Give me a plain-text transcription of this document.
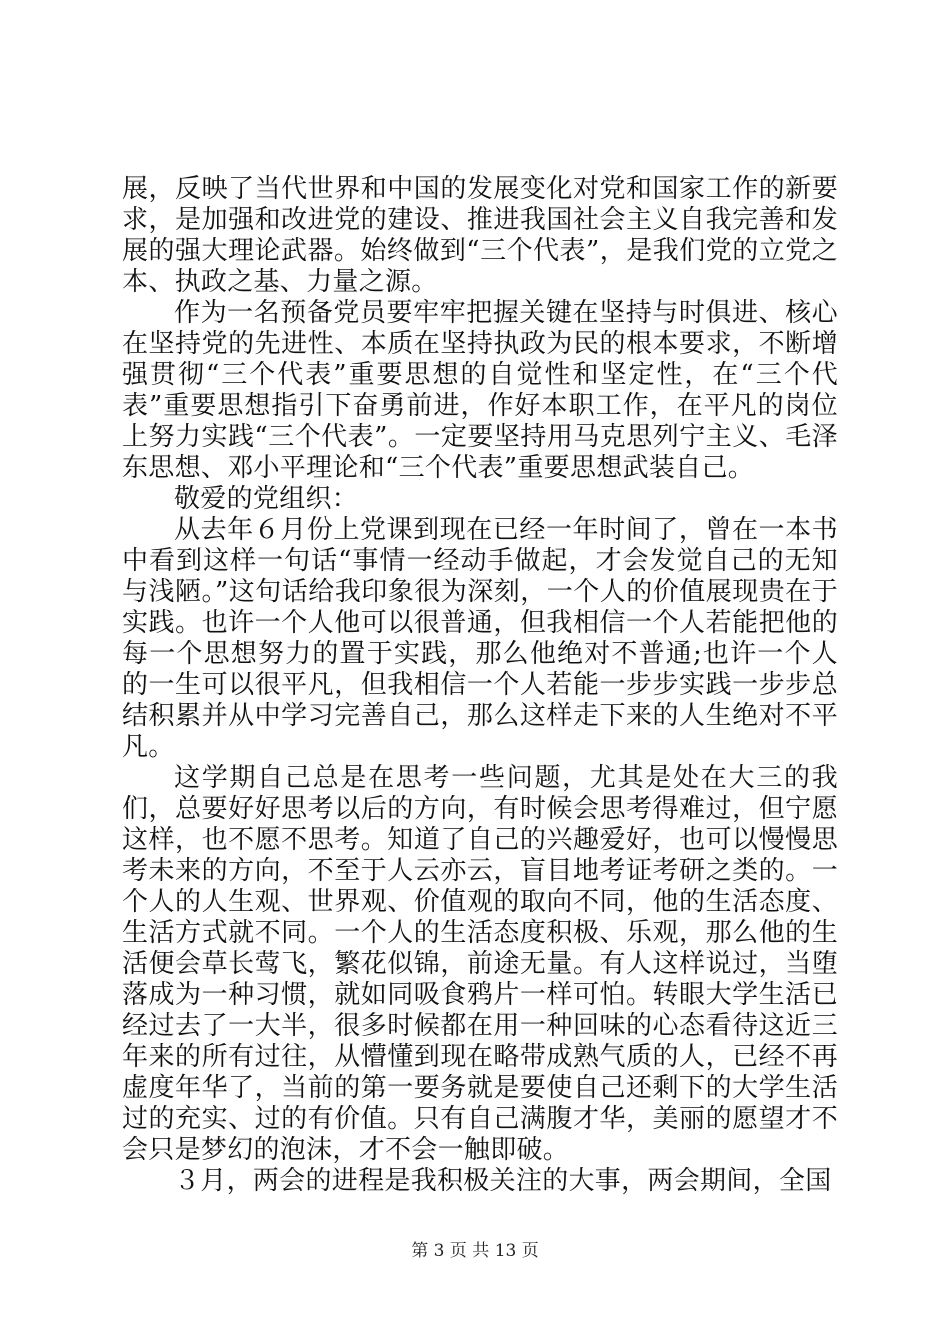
展，反映了当代世界和中国的发展变化对党和国家工作的新要求，是加强和改进党的建设、推进我国社会主义自我完善和发展的强大理论武器。始终做到“三个代表”，是我们党的立党之本、执政之基、力量之源。

作为一名预备党员要牢牢把握关键在坚持与时俱进、核心在坚持党的先进性、本质在坚持执政为民的根本要求，不断增强贯彻“三个代表”重要思想的自觉性和坚定性，在“三个代表”重要思想指引下奋勇前进，作好本职工作，在平凡的岗位上努力实践“三个代表”。一定要坚持用马克思列宁主义、毛泽东思想、邓小平理论和“三个代表”重要思想武装自己。

敬爱的党组织：

从去年６月份上党课到现在已经一年时间了，曾在一本书中看到这样一句话“事情一经动手做起，才会发觉自己的无知与浅陋。”这句话给我印象很为深刻，一个人的价值展现贵在于实践。也许一个人他可以很普通，但我相信一个人若能把他的每一个思想努力的置于实践，那么他绝对不普通;也许一个人的一生可以很平凡，但我相信一个人若能一步步实践一步步总结积累并从中学习完善自己，那么这样走下来的人生绝对不平凡。

这学期自己总是在思考一些问题，尤其是处在大三的我们，总要好好思考以后的方向，有时候会思考得难过，但宁愿这样，也不愿不思考。知道了自己的兴趣爱好，也可以慢慢思考未来的方向，不至于人云亦云，盲目地考证考研之类的。一个人的人生观、世界观、价值观的取向不同，他的生活态度、生活方式就不同。一个人的生活态度积极、乐观，那么他的生活便会草长莺飞，繁花似锦，前途无量。有人这样说过，当堕落成为一种习惯，就如同吸食鸦片一样可怕。转眼大学生活已经过去了一大半，很多时候都在用一种回味的心态看待这近三年来的所有过往，从懵懂到现在略带成熟气质的人，已经不再虚度年华了，当前的第一要务就是要使自己还剩下的大学生活过的充实、过的有价值。只有自己满腹才华，美丽的愿望才不会只是梦幻的泡沫，才不会一触即破。

３月，两会的进程是我积极关注的大事，两会期间，全国

第 3 页 共 13 页
